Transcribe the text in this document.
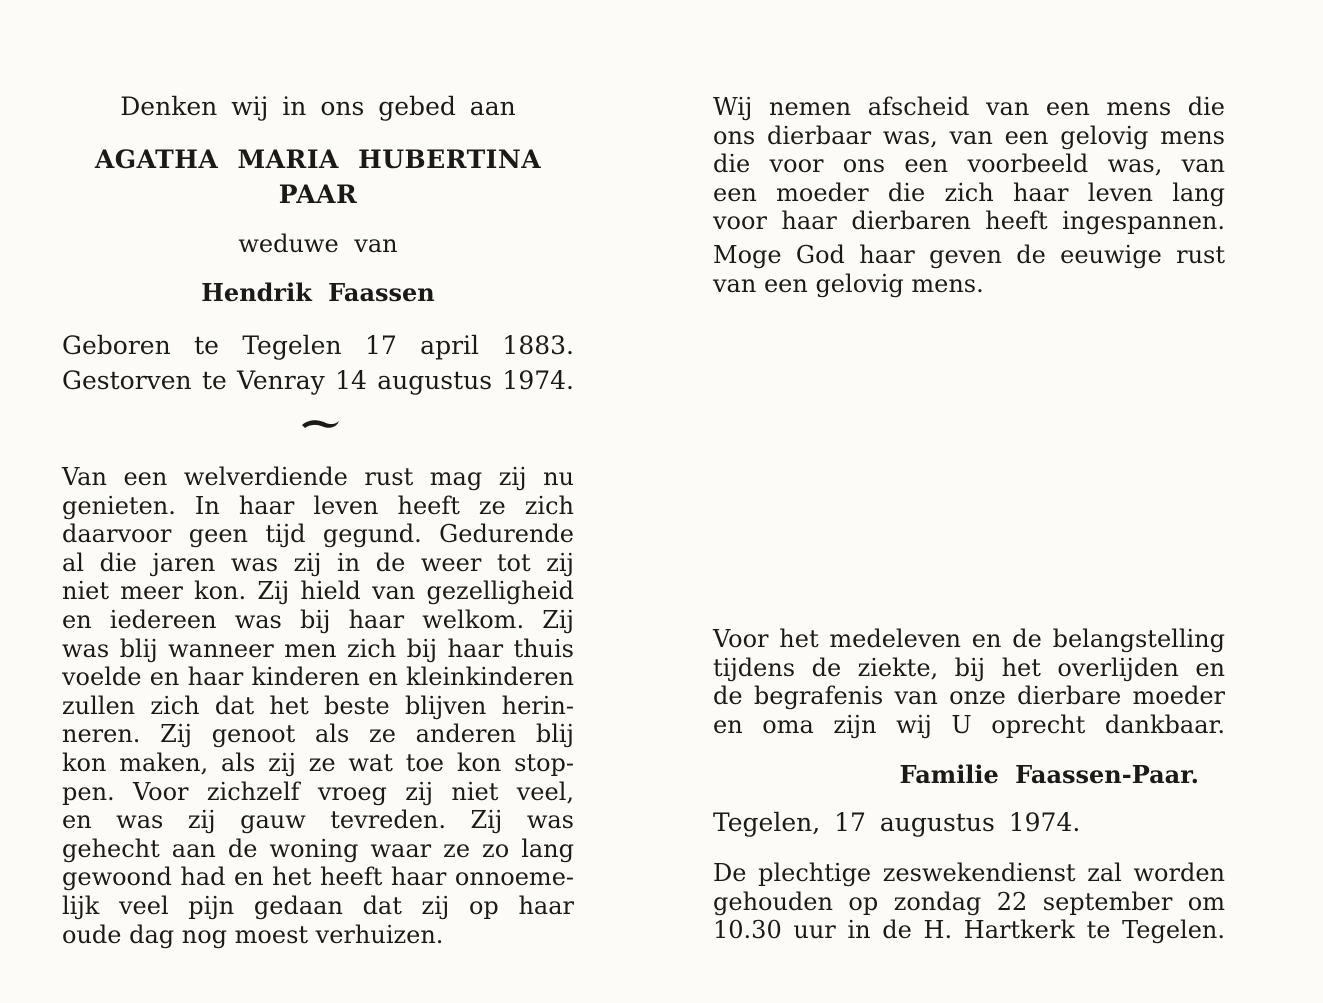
Denken wij in ons gebed aan
AGATHA MARIA HUBERTINA
PAAR
weduwe van
Hendrik Faassen
Geboren te Tegelen 17 april 1883.
Gestorven te Venray 14 augustus 1974.
Van een welverdiende rust mag zij nu
genieten. In haar leven heeft ze zich
daarvoor geen tijd gegund. Gedurende
al die jaren was zij in de weer tot zij
niet meer kon. Zij hield van gezelligheid
en iedereen was bij haar welkom. Zij
was blij wanneer men zich bij haar thuis
voelde en haar kinderen en kleinkinderen
zullen zich dat het beste blijven herin-
neren. Zij genoot als ze anderen blij
kon maken, als zij ze wat toe kon stop-
pen. Voor zichzelf vroeg zij niet veel,
en was zij gauw tevreden. Zij was
gehecht aan de woning waar ze zo lang
gewoond had en het heeft haar onnoeme-
lijk veel pijn gedaan dat zij op haar
oude dag nog moest verhuizen.
Wij nemen afscheid van een mens die
ons dierbaar was, van een gelovig mens
die voor ons een voorbeeld was, van
een moeder die zich haar leven lang
voor haar dierbaren heeft ingespannen.
Moge God haar geven de eeuwige rust
van een gelovig mens.
Voor het medeleven en de belangstelling
tijdens de ziekte, bij het overlijden en
de begrafenis van onze dierbare moeder
en oma zijn wij U oprecht dankbaar.
Familie Faassen-Paar.
Tegelen, 17 augustus 1974.
De plechtige zeswekendienst zal worden
gehouden op zondag 22 september om
10.30 uur in de H. Hartkerk te Tegelen.
